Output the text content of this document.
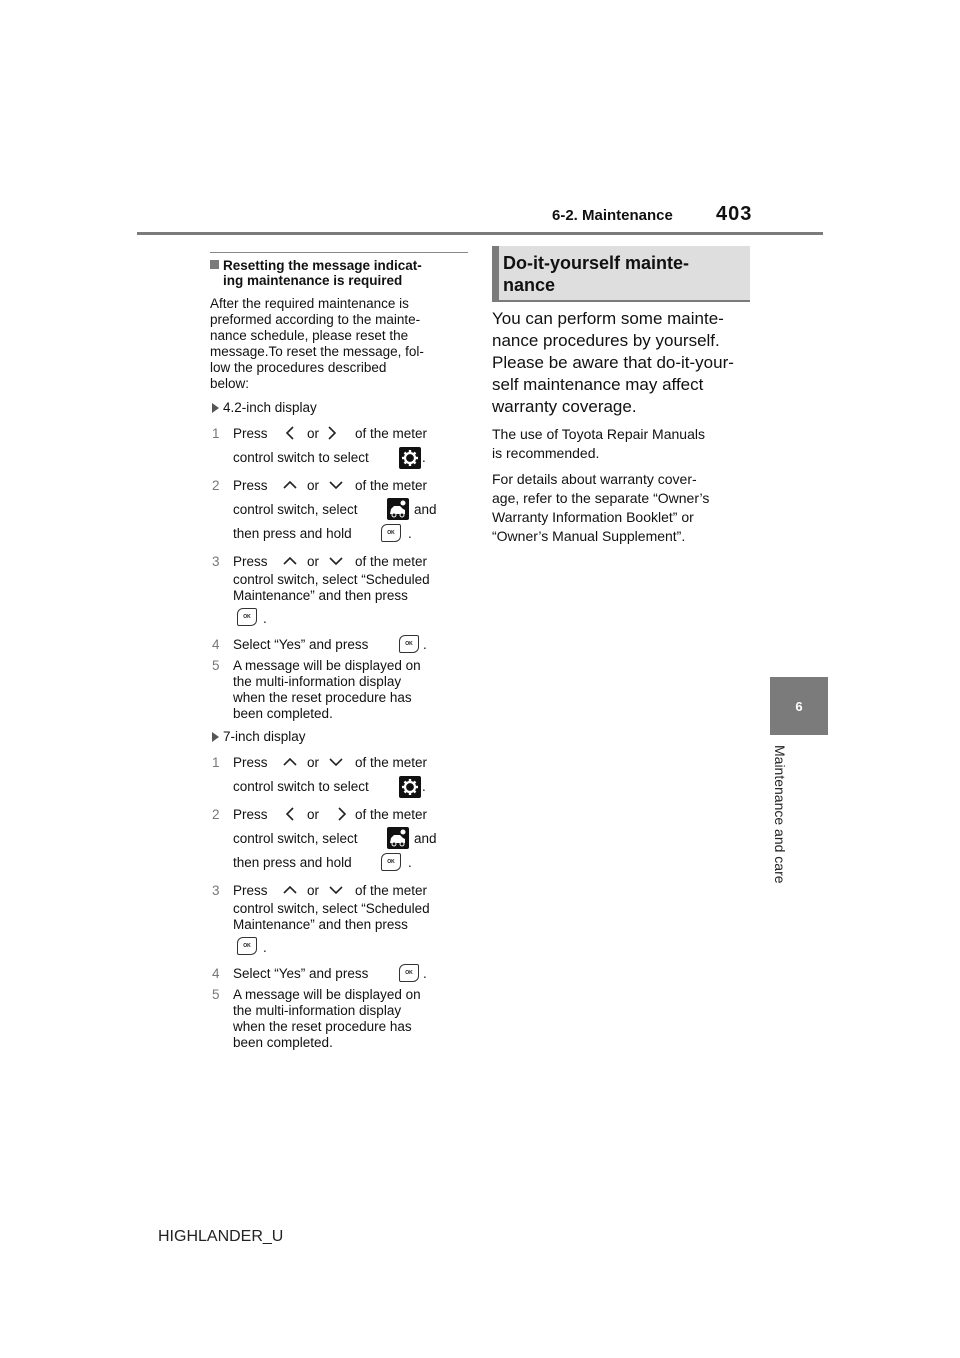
6-2. Maintenance 403
6
Maintenance and care
Resetting the message indicat-
ing maintenance is required
After the required maintenance is
preformed according to the mainte-
nance schedule, please reset the
message.To reset the message, fol-
low the procedures described
below:
4.2-inch display
1 Press	or	of the meter
control switch to select	.
2 Press	or	of the meter
control switch, select	and
then press and hold	OK .
3 Press	or	of the meter
control switch, select “Scheduled
Maintenance” and then press
OK .
4 Select “Yes” and press	OK .
5 A message will be displayed on
the multi-information display
when the reset procedure has
been completed.
7-inch display
1 Press	or	of the meter
control switch to select	.
2 Press	or	of the meter
control switch, select	and
then press and hold	OK .
3 Press	or	of the meter
control switch, select “Scheduled
Maintenance” and then press
OK .
4 Select “Yes” and press	OK .
5 A message will be displayed on
the multi-information display
when the reset procedure has
been completed.
Do-it-yourself mainte-
nance
You can perform some mainte-
nance procedures by yourself.
Please be aware that do-it-your-
self maintenance may affect
warranty coverage.
The use of Toyota Repair Manuals
is recommended.
For details about warranty cover-
age, refer to the separate “Owner’s
Warranty Information Booklet” or
“Owner’s Manual Supplement”.
HIGHLANDER_U
